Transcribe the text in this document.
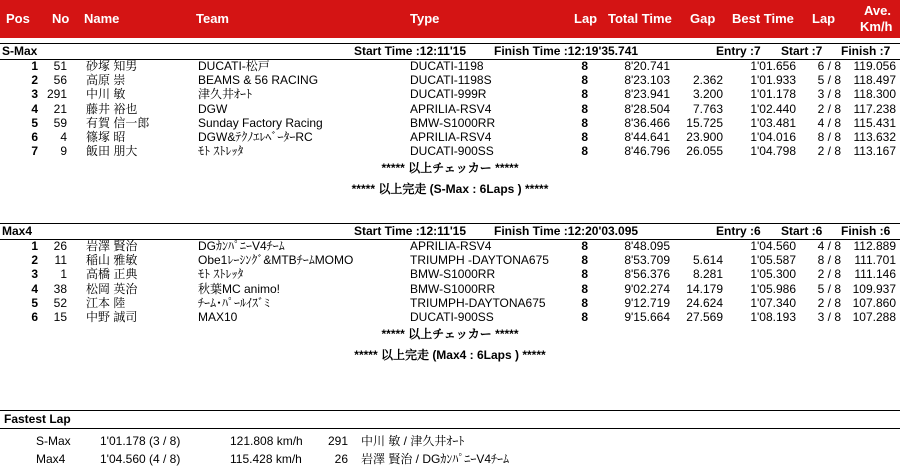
Pos No Name	Team	Type	Lap Total Time Gap Best Time Lap
Ave.
Km/h
S-Max	Start Time :12:11'15 Finish Time :12:19'35.741	Entry :7 Start :7 Finish :7
1 51 砂塚 知男	DUCATI-松戸	DUCATI-1198	8	8'20.741	1'01.656 6 / 8 119.056
2 56 高原 崇	BEAMS & 56 RACING	DUCATI-1198S	8	8'23.103 2.362 1'01.933 5 / 8 118.497
3 291 中川 敏	津久井ｵｰﾄ	DUCATI-999R	8	8'23.941 3.200 1'01.178 3 / 8 118.300
4 21 藤井 裕也	DGW	APRILIA-RSV4	8	8'28.504 7.763 1'02.440 2 / 8 117.238
5 59 有賀 信一郎	Sunday Factory Racing	BMW-S1000RR	8	8'36.466 15.725 1'03.481 4 / 8 115.431
6 4 篠塚 昭	DGW&ﾃｸﾉｴﾚﾍﾞｰﾀｰRC	APRILIA-RSV4	8	8'44.641 23.900 1'04.016 8 / 8 113.632
7 9 飯田 朋大	ﾓﾄ ｽﾄﾚｯﾀ	DUCATI-900SS	8	8'46.796 26.055 1'04.798 2 / 8 113.167
***** 以上チェッカー *****
***** 以上完走 (S-Max : 6Laps ) *****
Max4	Start Time :12:11'15 Finish Time :12:20'03.095	Entry :6 Start :6 Finish :6
1 26 岩澤 賢治	DGｶﾝﾊﾟﾆｰV4ﾁｰﾑ	APRILIA-RSV4	8	8'48.095	1'04.560 4 / 8 112.889
2 11 稲山 雅敏	Obe1ﾚｰｼﾝｸﾞ&MTBﾁｰﾑMOMO	TRIUMPH -DAYTONA675	8	8'53.709 5.614 1'05.587 8 / 8 111.701
3 1 高橋 正典	ﾓﾄ ｽﾄﾚｯﾀ	BMW-S1000RR	8	8'56.376 8.281 1'05.300 2 / 8 111.146
4 38 松岡 英治	秋葉MC animo!	BMW-S1000RR	8	9'02.274 14.179 1'05.986 5 / 8 109.937
5 52 江本 陸	ﾁｰﾑ･ﾊﾟｰﾙｲｽﾞﾐ	TRIUMPH-DAYTONA675	8	9'12.719 24.624 1'07.340 2 / 8 107.860
6 15 中野 誠司	MAX10	DUCATI-900SS	8	9'15.664 27.569 1'08.193 3 / 8 107.288
***** 以上チェッカー *****
***** 以上完走 (Max4 : 6Laps ) *****
Fastest Lap
S-Max 1'01.178 (3 / 8)	121.808 km/h 291 中川 敏 / 津久井ｵｰﾄ
Max4	1'04.560 (4 / 8)	115.428 km/h	26 岩澤 賢治 / DGｶﾝﾊﾟﾆｰV4ﾁｰﾑ
